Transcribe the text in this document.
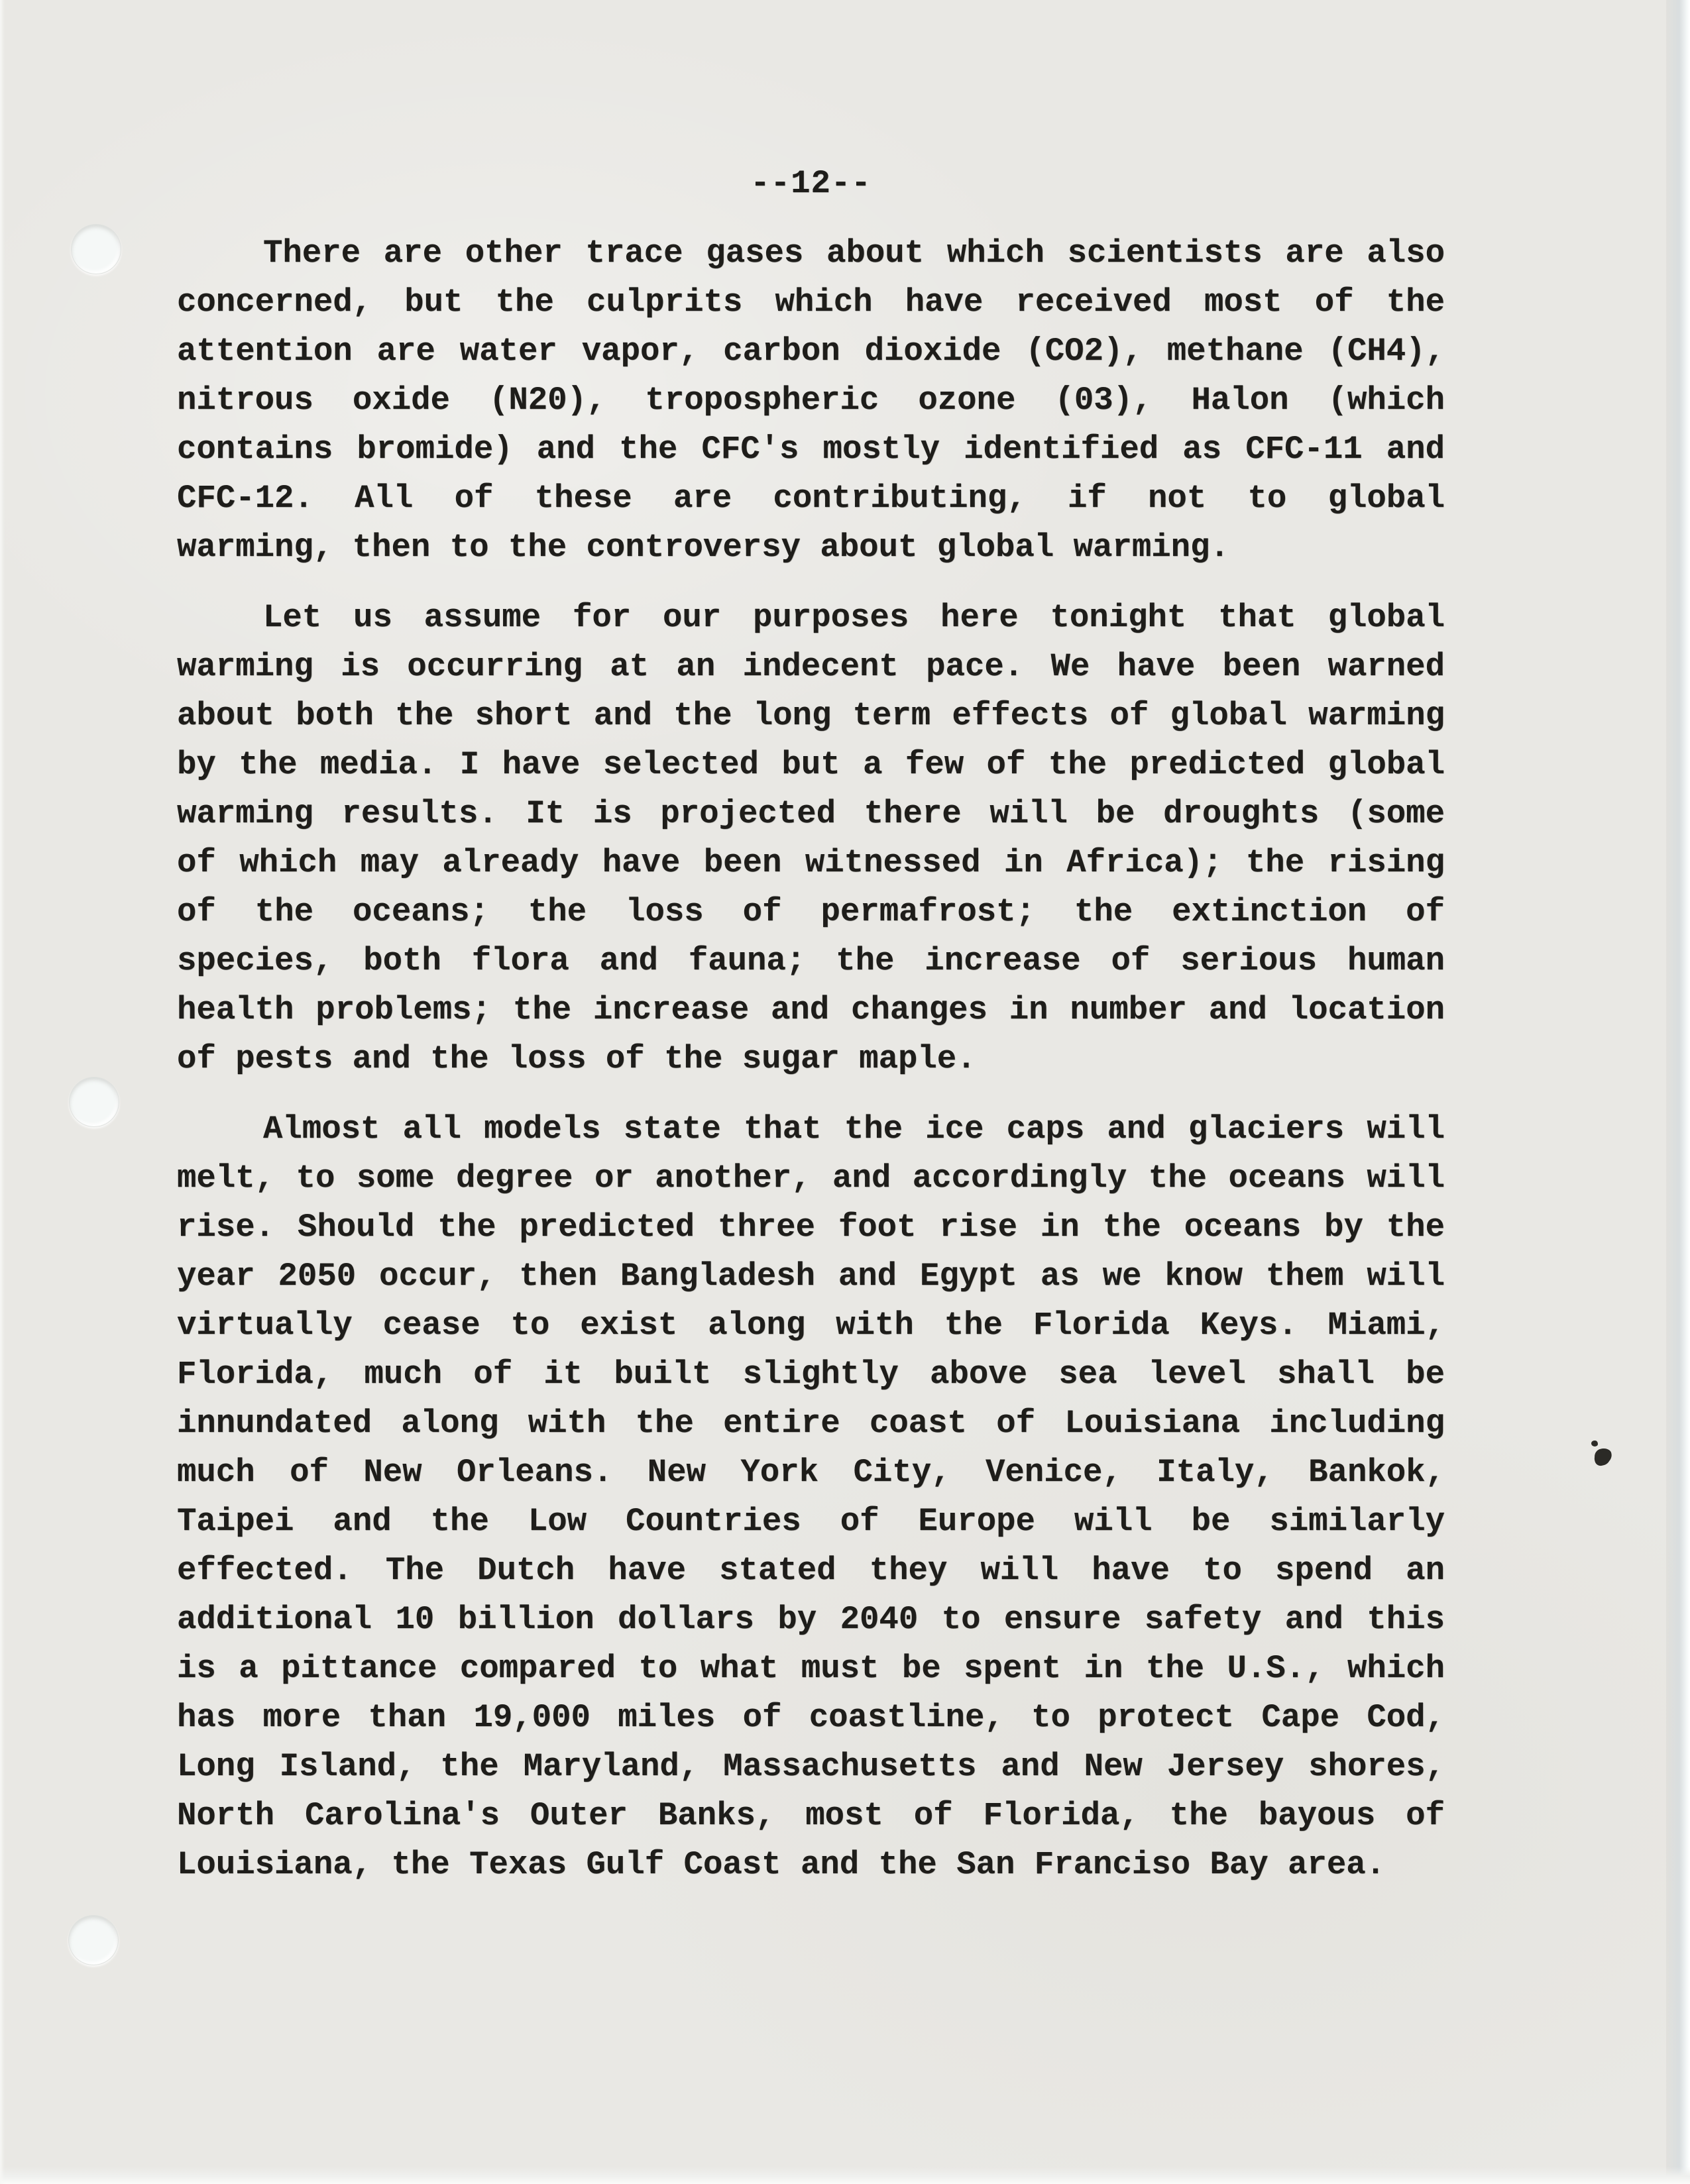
--12--
There are other trace gases about which scientists are also
concerned, but the culprits which have received most of the
attention are water vapor, carbon dioxide (CO2), methane (CH4),
nitrous oxide (N20), tropospheric ozone (03), Halon (which
contains bromide) and the CFC's mostly identified as CFC-11 and
CFC-12. All of these are contributing, if not to global
warming, then to the controversy about global warming.
Let us assume for our purposes here tonight that global
warming is occurring at an indecent pace. We have been warned
about both the short and the long term effects of global warming
by the media. I have selected but a few of the predicted global
warming results. It is projected there will be droughts (some
of which may already have been witnessed in Africa); the rising
of the oceans; the loss of permafrost; the extinction of
species, both flora and fauna; the increase of serious human
health problems; the increase and changes in number and location
of pests and the loss of the sugar maple.
Almost all models state that the ice caps and glaciers will
melt, to some degree or another, and accordingly the oceans will
rise. Should the predicted three foot rise in the oceans by the
year 2050 occur, then Bangladesh and Egypt as we know them will
virtually cease to exist along with the Florida Keys. Miami,
Florida, much of it built slightly above sea level shall be
innundated along with the entire coast of Louisiana including
much of New Orleans. New York City, Venice, Italy, Bankok,
Taipei and the Low Countries of Europe will be similarly
effected. The Dutch have stated they will have to spend an
additional 10 billion dollars by 2040 to ensure safety and this
is a pittance compared to what must be spent in the U.S., which
has more than 19,000 miles of coastline, to protect Cape Cod,
Long Island, the Maryland, Massachusetts and New Jersey shores,
North Carolina's Outer Banks, most of Florida, the bayous of
Louisiana, the Texas Gulf Coast and the San Franciso Bay area.
